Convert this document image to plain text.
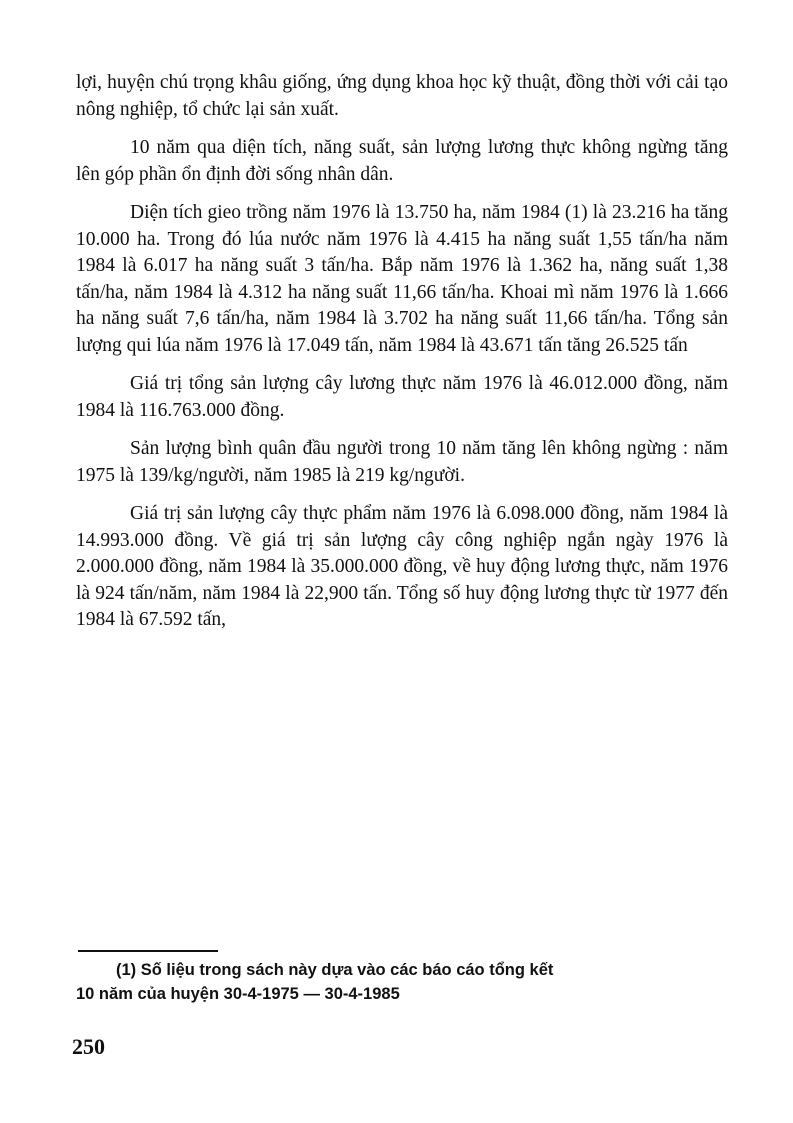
lợi, huyện chú trọng khâu giống, ứng dụng khoa học kỹ thuật, đồng thời với cải tạo nông nghiệp, tổ chức lại sản xuất.

10 năm qua diện tích, năng suất, sản lượng lương thực không ngừng tăng lên góp phần ổn định đời sống nhân dân.

Diện tích gieo trồng năm 1976 là 13.750 ha, năm 1984 (1) là 23.216 ha tăng 10.000 ha. Trong đó lúa nước năm 1976 là 4.415 ha năng suất 1,55 tấn/ha năm 1984 là 6.017 ha năng suất 3 tấn/ha. Bắp năm 1976 là 1.362 ha, năng suất 1,38 tấn/ha, năm 1984 là 4.312 ha năng suất 11,66 tấn/ha. Khoai mì năm 1976 là 1.666 ha năng suất 7,6 tấn/ha, năm 1984 là 3.702 ha năng suất 11,66 tấn/ha. Tổng sản lượng qui lúa năm 1976 là 17.049 tấn, năm 1984 là 43.671 tấn tăng 26.525 tấn

Giá trị tổng sản lượng cây lương thực năm 1976 là 46.012.000 đồng, năm 1984 là 116.763.000 đồng.

Sản lượng bình quân đầu người trong 10 năm tăng lên không ngừng : năm 1975 là 139/kg/người, năm 1985 là 219 kg/người.

Giá trị sản lượng cây thực phẩm năm 1976 là 6.098.000 đồng, năm 1984 là 14.993.000 đồng. Về giá trị sản lượng cây công nghiệp ngắn ngày 1976 là 2.000.000 đồng, năm 1984 là 35.000.000 đồng, về huy động lương thực, năm 1976 là 924 tấn/năm, năm 1984 là 22,900 tấn. Tổng số huy động lương thực từ 1977 đến 1984 là 67.592 tấn,

(1) Số liệu trong sách này dựa vào các báo cáo tổng kết
10 năm của huyện 30-4-1975 — 30-4-1985
250
